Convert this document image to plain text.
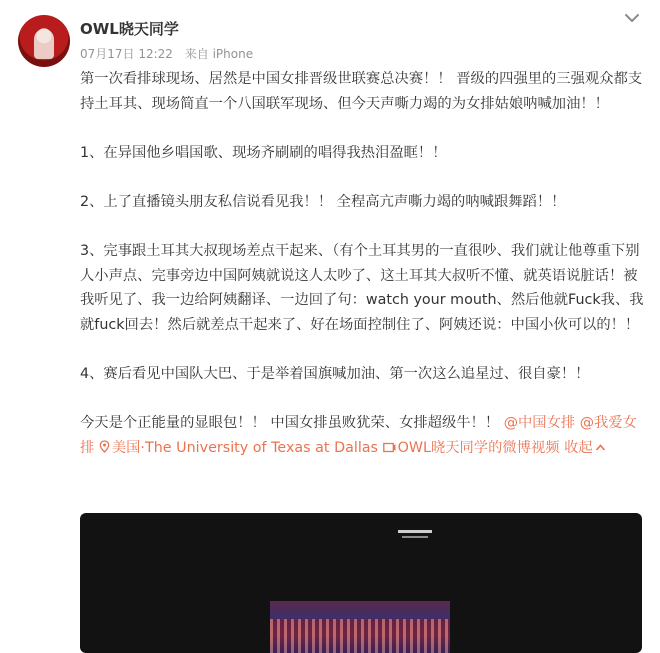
OWL晓天同学
07月17日 12:22 来自 iPhone

第一次看排球现场、居然是中国女排晋级世联赛总决赛！！ 晋级的四强里的三强观众都支持土耳其、现场简直一个八国联军现场、但今天声嘶力竭的为女排姑娘呐喊加油！！

1、在异国他乡唱国歌、现场齐刷刷的唱得我热泪盈眶！！

2、上了直播镜头朋友私信说看见我！！ 全程高亢声嘶力竭的呐喊跟舞蹈！！

3、完事跟土耳其大叔现场差点干起来、（有个土耳其男的一直很吵、我们就让他尊重下别人小声点、完事旁边中国阿姨就说这人太吵了、这土耳其大叔听不懂、就英语说脏话！被我听见了、我一边给阿姨翻译、一边回了句：watch your mouth、然后他就Fuck我、我就fuck回去！然后就差点干起来了、好在场面控制住了、阿姨还说：中国小伙可以的！！

4、赛后看见中国队大巴、于是举着国旗喊加油、第一次这么追星过、很自豪！！

今天是个正能量的显眼包！！ 中国女排虽败犹荣、女排超级牛！！ @中国女排 @我爱女排 美国·The University of Texas at Dallas OWL晓天同学的微博视频 收起
